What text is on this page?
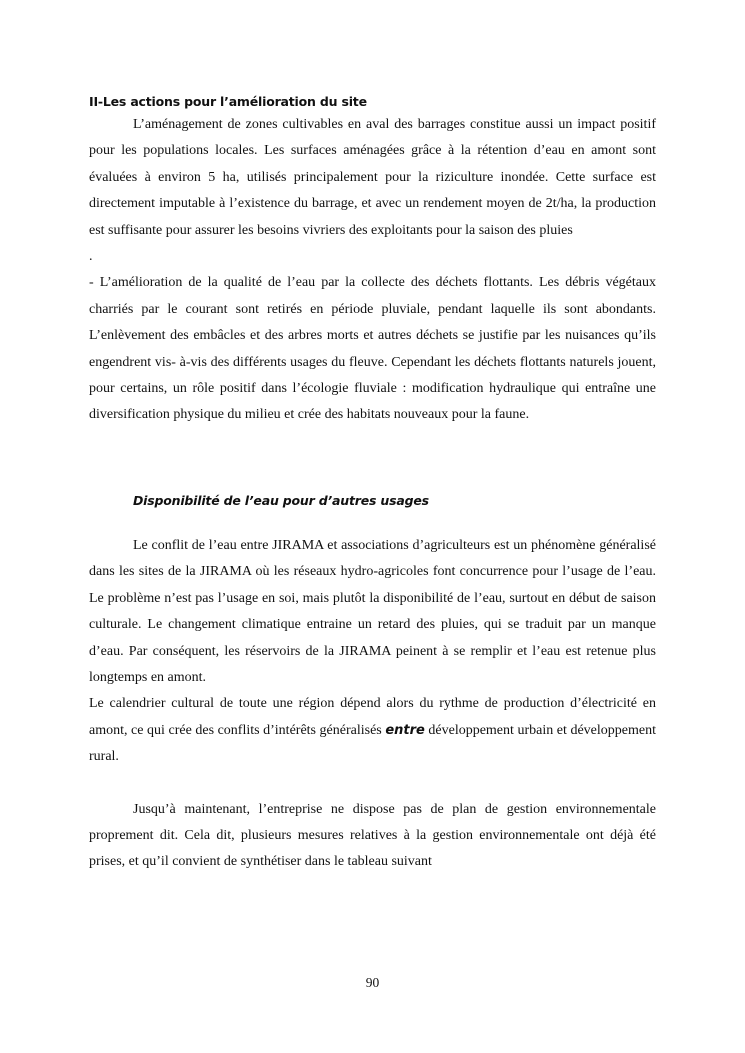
II-Les actions pour l’amélioration du site

L’aménagement de zones cultivables en aval des barrages constitue aussi un impact positif pour les populations locales. Les surfaces aménagées grâce à la rétention d’eau en amont sont évaluées à environ 5 ha, utilisés principalement pour la riziculture inondée. Cette surface est directement imputable à l’existence du barrage, et avec un rendement moyen de 2t/ha, la production est suffisante pour assurer les besoins vivriers des exploitants pour la saison des pluies

.

- L’amélioration de la qualité de l’eau par la collecte des déchets flottants. Les débris végétaux charriés par le courant sont retirés en période pluviale, pendant laquelle ils sont abondants. L’enlèvement des embâcles et des arbres morts et autres déchets se justifie par les nuisances qu’ils engendrent vis- à-vis des différents usages du fleuve. Cependant les déchets flottants naturels jouent, pour certains, un rôle positif dans l’écologie fluviale : modification hydraulique qui entraîne une diversification physique du milieu et crée des habitats nouveaux pour la faune.

Disponibilité de l’eau pour d’autres usages

Le conflit de l’eau entre JIRAMA et associations d’agriculteurs est un phénomène généralisé dans les sites de la JIRAMA où les réseaux hydro-agricoles font concurrence pour l’usage de l’eau. Le problème n’est pas l’usage en soi, mais plutôt la disponibilité de l’eau, surtout en début de saison culturale. Le changement climatique entraine un retard des pluies, qui se traduit par un manque d’eau. Par conséquent, les réservoirs de la JIRAMA peinent à se remplir et l’eau est retenue plus longtemps en amont.

Le calendrier cultural de toute une région dépend alors du rythme de production d’électricité en amont, ce qui crée des conflits d’intérêts généralisés entre développement urbain et développement rural.

Jusqu’à maintenant, l’entreprise ne dispose pas de plan de gestion environnementale proprement dit. Cela dit, plusieurs mesures relatives à la gestion environnementale ont déjà été prises, et qu’il convient de synthétiser dans le tableau suivant

90
